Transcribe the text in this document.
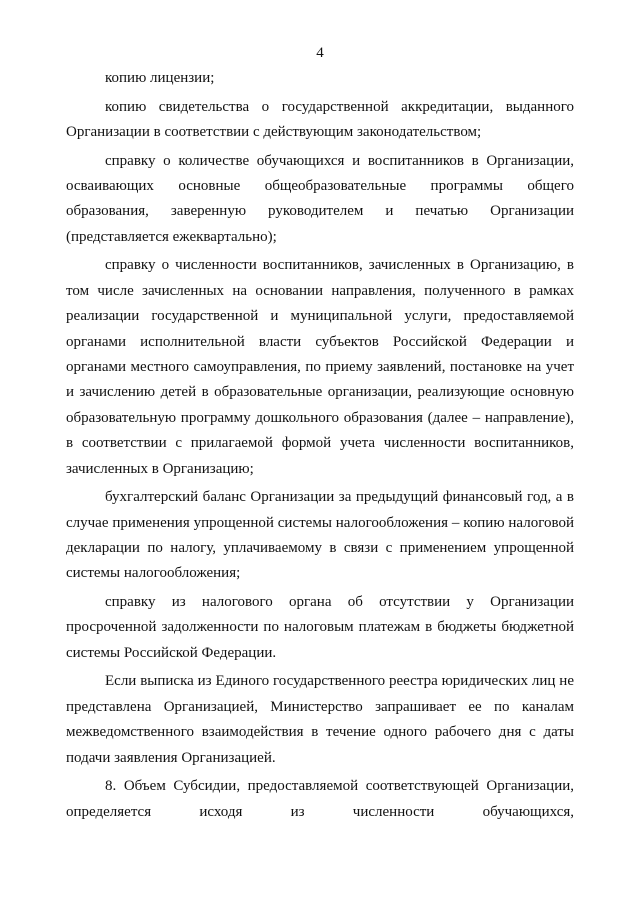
4

копию лицензии;

копию свидетельства о государственной аккредитации, выданного Организации в соответствии с действующим законодательством;

справку о количестве обучающихся и воспитанников в Организации, осваивающих основные общеобразовательные программы общего образования, заверенную руководителем и печатью Организации (представляется ежеквартально);

справку о численности воспитанников, зачисленных в Организацию, в том числе зачисленных на основании направления, полученного в рамках реализации государственной и муниципальной услуги, предоставляемой органами исполнительной власти субъектов Российской Федерации и органами местного самоуправления, по приему заявлений, постановке на учет и зачислению детей в образовательные организации, реализующие основную образовательную программу дошкольного образования (далее – направление), в соответствии с прилагаемой формой учета численности воспитанников, зачисленных в Организацию;

бухгалтерский баланс Организации за предыдущий финансовый год, а в случае применения упрощенной системы налогообложения – копию налоговой декларации по налогу, уплачиваемому в связи с применением упрощенной системы налогообложения;

справку из налогового органа об отсутствии у Организации просроченной задолженности по налоговым платежам в бюджеты бюджетной системы Российской Федерации.

Если выписка из Единого государственного реестра юридических лиц не представлена Организацией, Министерство запрашивает ее по каналам межведомственного взаимодействия в течение одного рабочего дня с даты подачи заявления Организацией.

8. Объем Субсидии, предоставляемой соответствующей Организации, определяется исходя из численности обучающихся,
